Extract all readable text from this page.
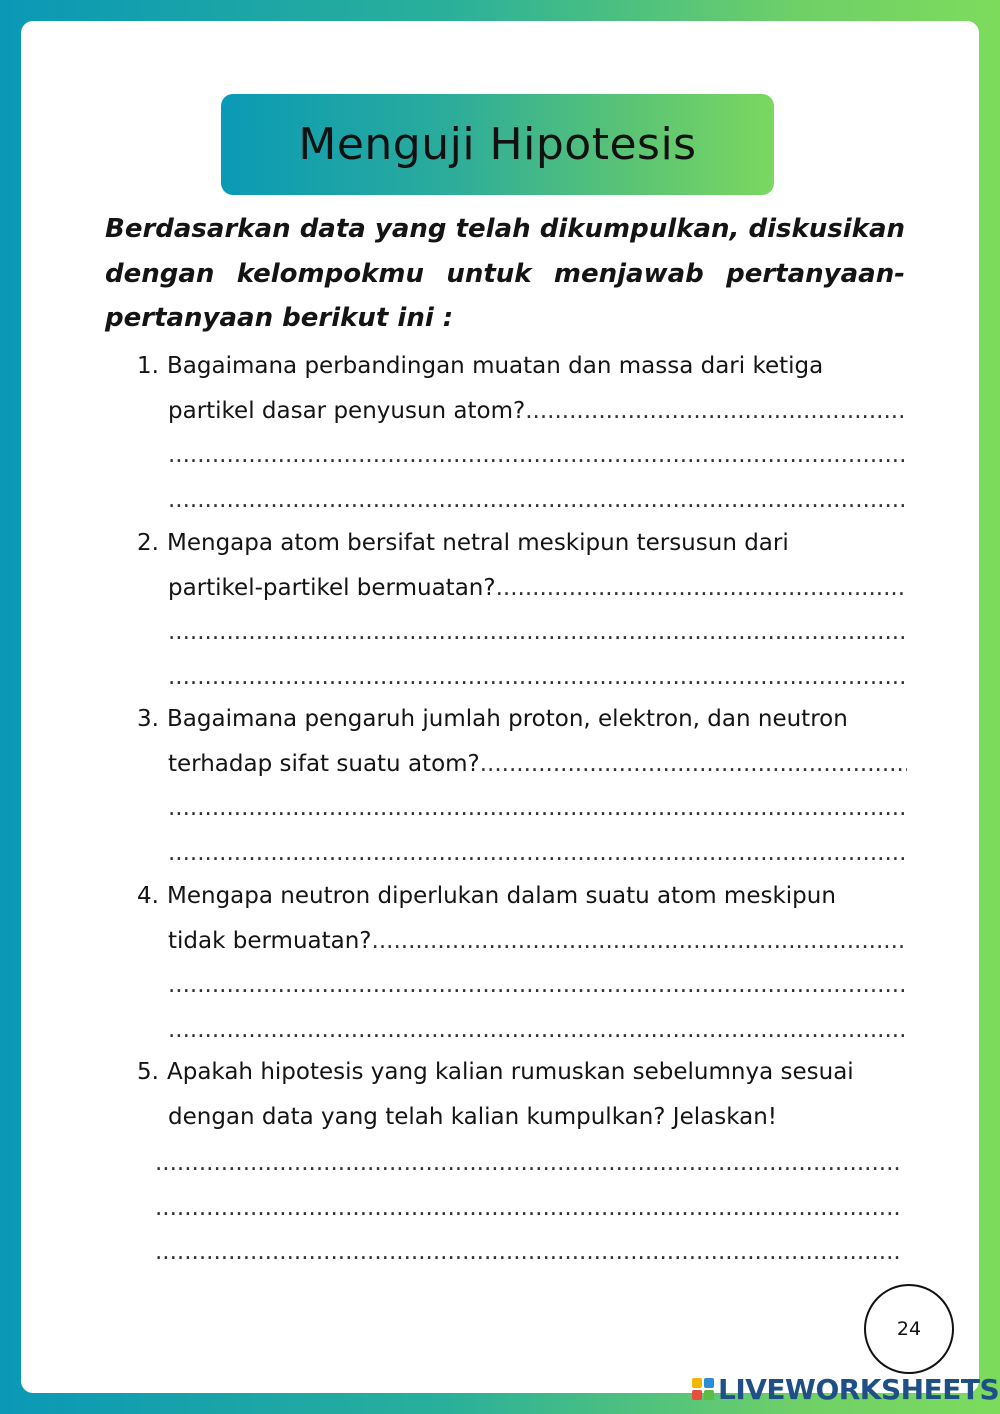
Menguji Hipotesis

Berdasarkan data yang telah dikumpulkan, diskusikan dengan kelompokmu untuk menjawab pertanyaan-pertanyaan berikut ini :

1. Bagaimana perbandingan muatan dan massa dari ketiga
partikel dasar penyusun atom?
.....
.....
.....
2. Mengapa atom bersifat netral meskipun tersusun dari
partikel-partikel bermuatan?
.....
.....
.....
3. Bagaimana pengaruh jumlah proton, elektron, dan neutron
terhadap sifat suatu atom?
.....
.....
.....
4. Mengapa neutron diperlukan dalam suatu atom meskipun
tidak bermuatan?
.....
.....
.....
5. Apakah hipotesis yang kalian rumuskan sebelumnya sesuai
dengan data yang telah kalian kumpulkan? Jelaskan!
.....
.....
.....
24
LIVEWORKSHEETS
